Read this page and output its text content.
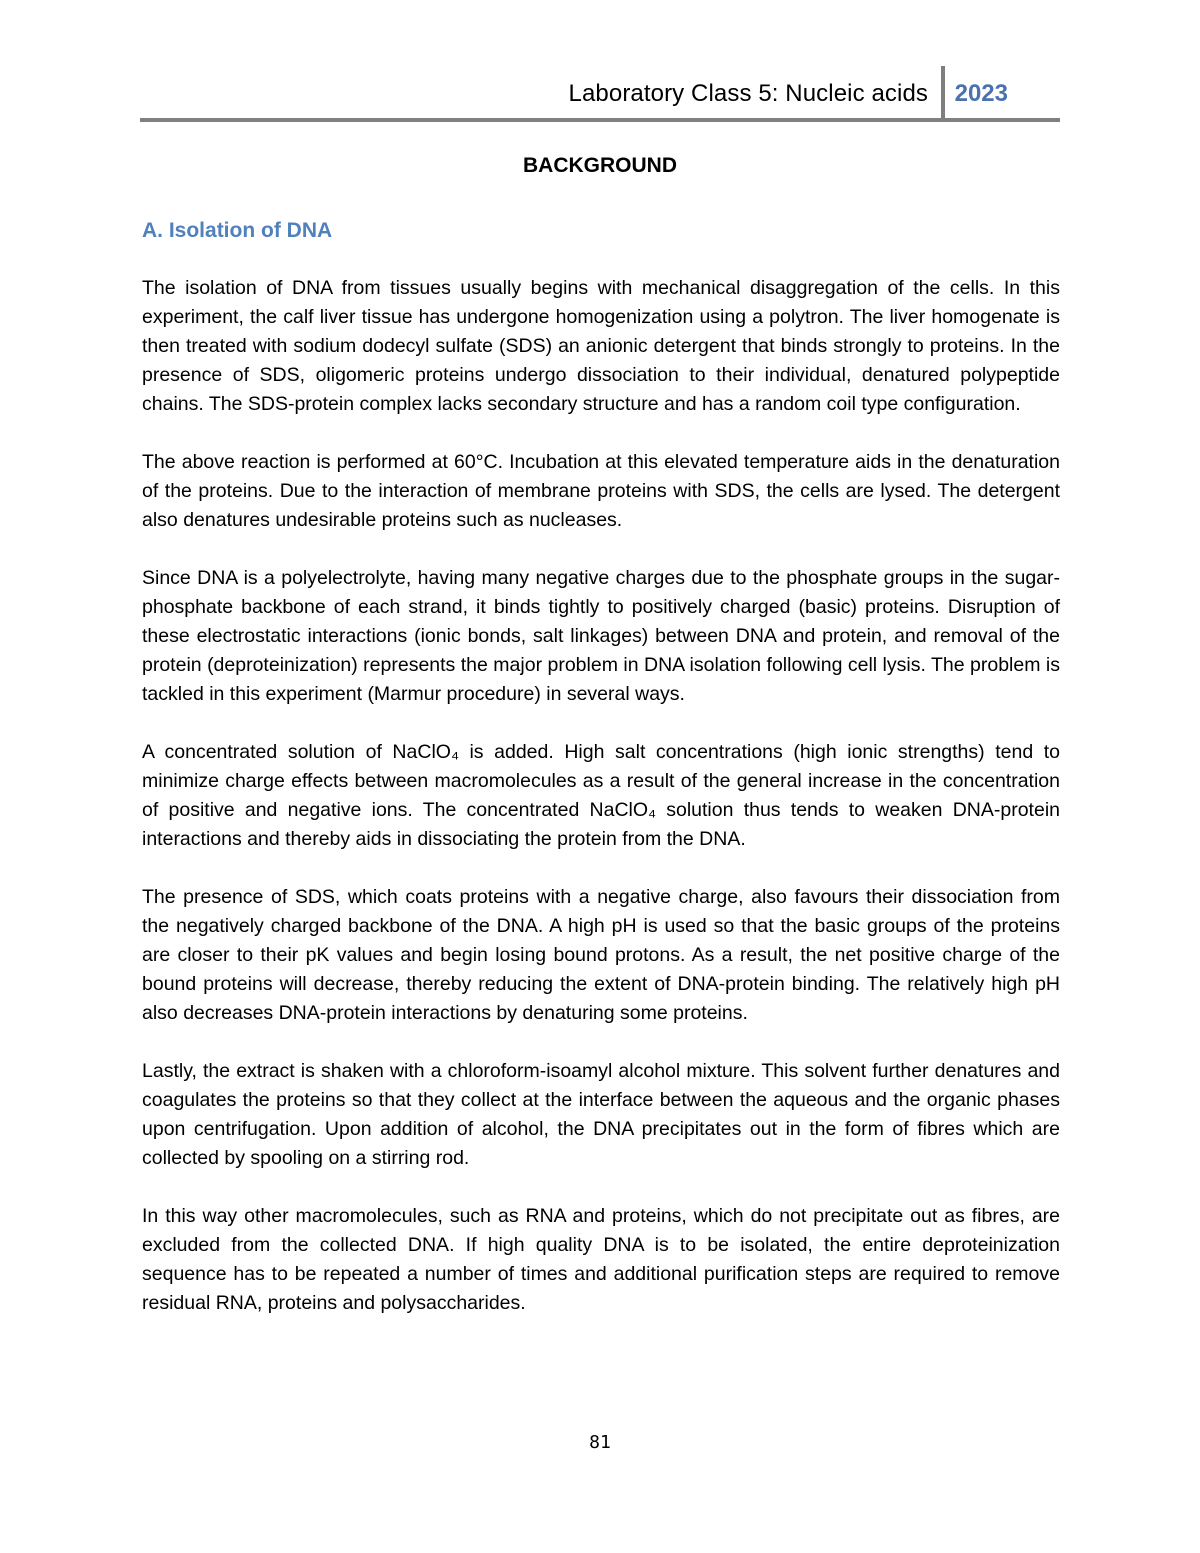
Laboratory Class 5: Nucleic acids 2023
BACKGROUND
A. Isolation of DNA

The isolation of DNA from tissues usually begins with mechanical disaggregation of the cells. In this experiment, the calf liver tissue has undergone homogenization using a polytron. The liver homogenate is then treated with sodium dodecyl sulfate (SDS) an anionic detergent that binds strongly to proteins. In the presence of SDS, oligomeric proteins undergo dissociation to their individual, denatured polypeptide chains. The SDS-protein complex lacks secondary structure and has a random coil type configuration.

The above reaction is performed at 60°C. Incubation at this elevated temperature aids in the denaturation of the proteins. Due to the interaction of membrane proteins with SDS, the cells are lysed. The detergent also denatures undesirable proteins such as nucleases.

Since DNA is a polyelectrolyte, having many negative charges due to the phosphate groups in the sugar-phosphate backbone of each strand, it binds tightly to positively charged (basic) proteins. Disruption of these electrostatic interactions (ionic bonds, salt linkages) between DNA and protein, and removal of the protein (deproteinization) represents the major problem in DNA isolation following cell lysis. The problem is tackled in this experiment (Marmur procedure) in several ways.

A concentrated solution of NaClO₄ is added. High salt concentrations (high ionic strengths) tend to minimize charge effects between macromolecules as a result of the general increase in the concentration of positive and negative ions. The concentrated NaClO₄ solution thus tends to weaken DNA-protein interactions and thereby aids in dissociating the protein from the DNA.

The presence of SDS, which coats proteins with a negative charge, also favours their dissociation from the negatively charged backbone of the DNA. A high pH is used so that the basic groups of the proteins are closer to their pK values and begin losing bound protons. As a result, the net positive charge of the bound proteins will decrease, thereby reducing the extent of DNA-protein binding. The relatively high pH also decreases DNA-protein interactions by denaturing some proteins.

Lastly, the extract is shaken with a chloroform-isoamyl alcohol mixture. This solvent further denatures and coagulates the proteins so that they collect at the interface between the aqueous and the organic phases upon centrifugation. Upon addition of alcohol, the DNA precipitates out in the form of fibres which are collected by spooling on a stirring rod.

In this way other macromolecules, such as RNA and proteins, which do not precipitate out as fibres, are excluded from the collected DNA. If high quality DNA is to be isolated, the entire deproteinization sequence has to be repeated a number of times and additional purification steps are required to remove residual RNA, proteins and polysaccharides.

81
